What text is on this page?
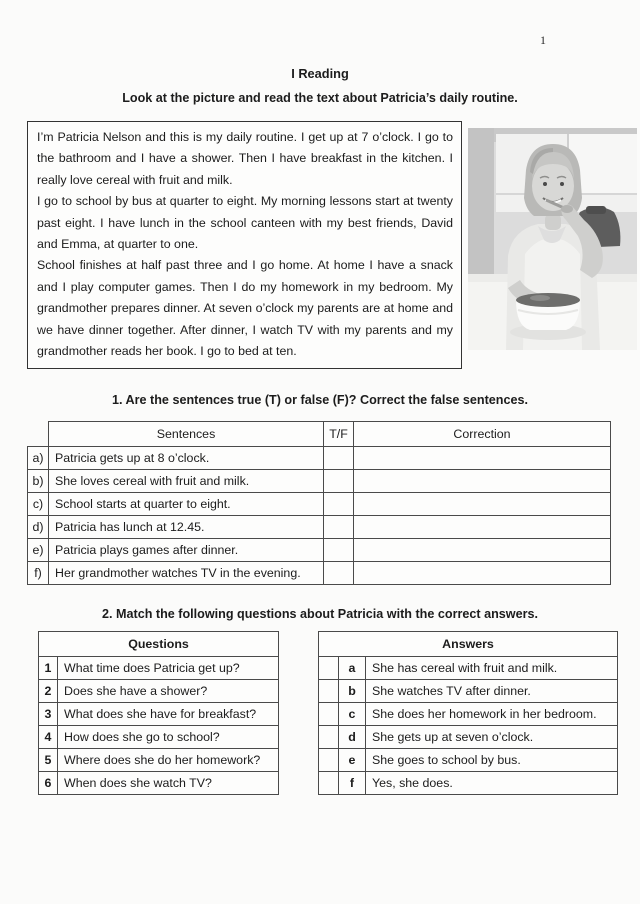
1
I Reading
Look at the picture and read the text about Patricia’s daily routine.

I’m Patricia Nelson and this is my daily routine. I get up at 7 o’clock. I go to the bathroom and I have a shower. Then I have breakfast in the kitchen. I really love cereal with fruit and milk.

I go to school by bus at quarter to eight. My morning lessons start at twenty past eight. I have lunch in the school canteen with my best friends, David and Emma, at quarter to one.

School finishes at half past three and I go home. At home I have a snack and I play computer games. Then I do my homework in my bedroom. My grandmother prepares dinner. At seven o’clock my parents are at home and we have dinner together. After dinner, I watch TV with my parents and my grandmother reads her book. I go to bed at ten.

1. Are the sentences true (T) or false (F)? Correct the false sentences.
	Sentences	T/F	Correction
a)	Patricia gets up at 8 o’clock.		
b)	She loves cereal with fruit and milk.		
c)	School starts at quarter to eight.		
d)	Patricia has lunch at 12.45.		
e)	Patricia plays games after dinner.		
f)	Her grandmother watches TV in the evening.		
2. Match the following questions about Patricia with the correct answers.
Questions	
1	What time does Patricia get up?
2	Does she have a shower?
3	What does she have for breakfast?
4	How does she go to school?
5	Where does she do her homework?
6	When does she watch TV?
Answers		
	a	She has cereal with fruit and milk.
	b	She watches TV after dinner.
	c	She does her homework in her bedroom.
	d	She gets up at seven o’clock.
	e	She goes to school by bus.
	f	Yes, she does.
